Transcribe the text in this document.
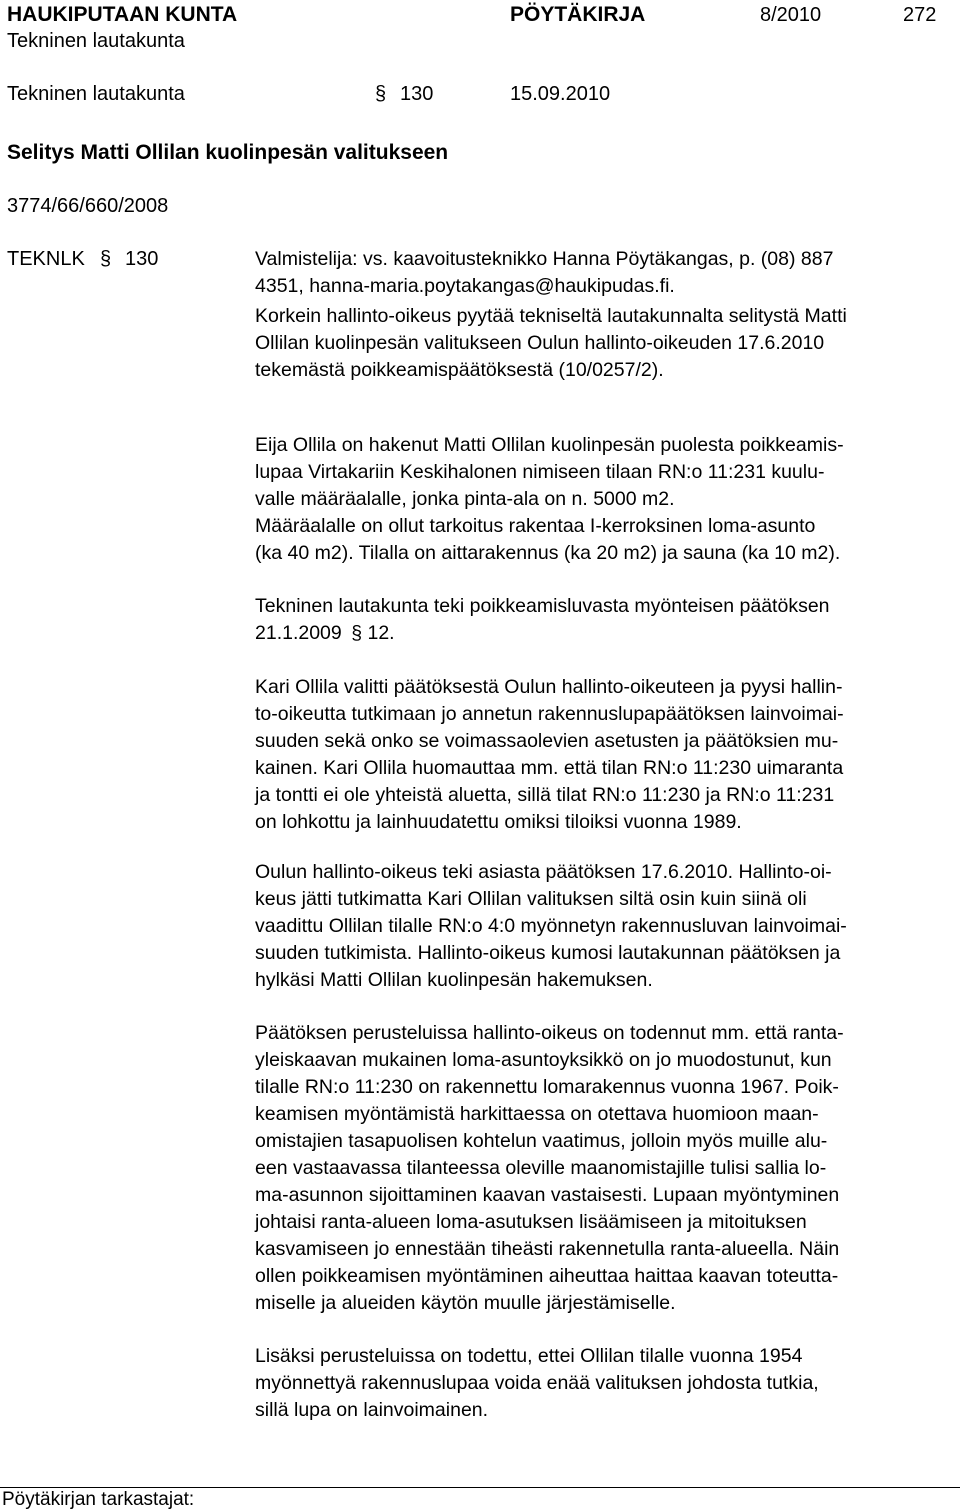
HAUKIPUTAAN KUNTA	PÖYTÄKIRJA	8/2010	272
Tekninen lautakunta
Tekninen lautakunta	§ 130	15.09.2010
Selitys Matti Ollilan kuolinpesän valitukseen
3774/66/660/2008
TEKNLK § 130	Valmistelija: vs. kaavoitusteknikko Hanna Pöytäkangas, p. (08) 887

4351, hanna-maria.poytakangas@haukipudas.fi.

Korkein hallinto-oikeus pyytää tekniseltä lautakunnalta selitystä Matti

Ollilan kuolinpesän valitukseen Oulun hallinto-oikeuden 17.6.2010

tekemästä poikkeamispäätöksestä (10/0257/2).

Eija Ollila on hakenut Matti Ollilan kuolinpesän puolesta poikkeamis-

lupaa Virtakariin Keskihalonen nimiseen tilaan RN:o 11:231 kuulu-

valle määräalalle, jonka pinta-ala on n. 5000 m2.

Määräalalle on ollut tarkoitus rakentaa I-kerroksinen loma-asunto

(ka 40 m2). Tilalla on aittarakennus (ka 20 m2) ja sauna (ka 10 m2).

Tekninen lautakunta teki poikkeamisluvasta myönteisen päätöksen

21.1.2009 § 12.

Kari Ollila valitti päätöksestä Oulun hallinto-oikeuteen ja pyysi hallin-

to-oikeutta tutkimaan jo annetun rakennuslupapäätöksen lainvoimai-

suuden sekä onko se voimassaolevien asetusten ja päätöksien mu-

kainen. Kari Ollila huomauttaa mm. että tilan RN:o 11:230 uimaranta

ja tontti ei ole yhteistä aluetta, sillä tilat RN:o 11:230 ja RN:o 11:231

on lohkottu ja lainhuudatettu omiksi tiloiksi vuonna 1989.

Oulun hallinto-oikeus teki asiasta päätöksen 17.6.2010. Hallinto-oi-

keus jätti tutkimatta Kari Ollilan valituksen siltä osin kuin siinä oli

vaadittu Ollilan tilalle RN:o 4:0 myönnetyn rakennusluvan lainvoimai-

suuden tutkimista. Hallinto-oikeus kumosi lautakunnan päätöksen ja

hylkäsi Matti Ollilan kuolinpesän hakemuksen.

Päätöksen perusteluissa hallinto-oikeus on todennut mm. että ranta-

yleiskaavan mukainen loma-asuntoyksikkö on jo muodostunut, kun

tilalle RN:o 11:230 on rakennettu lomarakennus vuonna 1967. Poik-

keamisen myöntämistä harkittaessa on otettava huomioon maan-

omistajien tasapuolisen kohtelun vaatimus, jolloin myös muille alu-

een vastaavassa tilanteessa oleville maanomistajille tulisi sallia lo-

ma-asunnon sijoittaminen kaavan vastaisesti. Lupaan myöntyminen

johtaisi ranta-alueen loma-asutuksen lisäämiseen ja mitoituksen

kasvamiseen jo ennestään tiheästi rakennetulla ranta-alueella. Näin

ollen poikkeamisen myöntäminen aiheuttaa haittaa kaavan toteutta-

miselle ja alueiden käytön muulle järjestämiselle.

Lisäksi perusteluissa on todettu, ettei Ollilan tilalle vuonna 1954

myönnettyä rakennuslupaa voida enää valituksen johdosta tutkia,

sillä lupa on lainvoimainen.

Pöytäkirjan tarkastajat:
